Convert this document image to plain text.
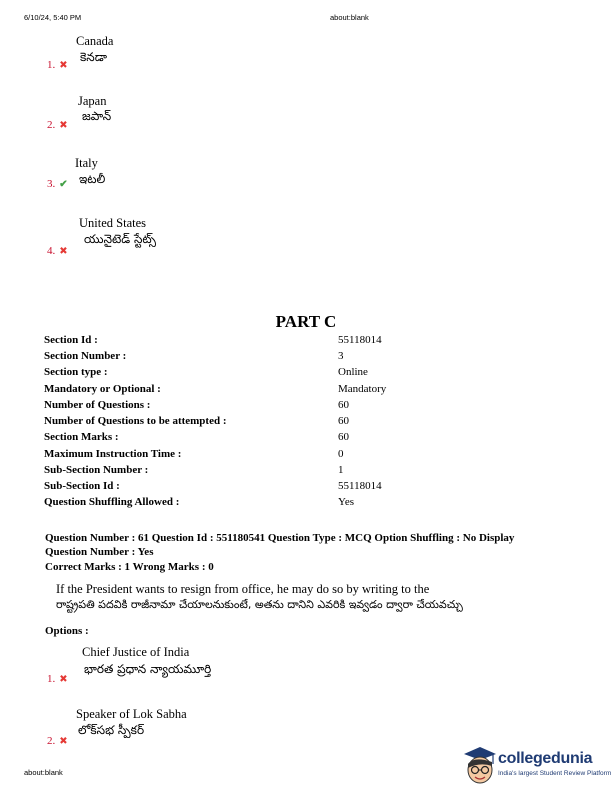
6/10/24, 5:40 PM	about:blank
Canada
కెనడా
1. ✖
Japan
జపాన్
2. ✖
Italy
ఇటలీ
3. ✔
United States
యునైటెడ్ స్టేట్స్
4. ✖
PART C
Section Id :	55118014
Section Number :	3
Section type :	Online
Mandatory or Optional :	Mandatory
Number of Questions :	60
Number of Questions to be attempted :	60
Section Marks :	60
Maximum Instruction Time :	0
Sub-Section Number :	1
Sub-Section Id :	55118014
Question Shuffling Allowed :	Yes
Question Number : 61 Question Id : 551180541 Question Type : MCQ Option Shuffling : No Display
Question Number : Yes
Correct Marks : 1 Wrong Marks : 0
If the President wants to resign from office, he may do so by writing to the
రాష్ట్రపతి పదవికి రాజీనామా చేయాలనుకుంటే, అతను దానిని ఎవరికి ఇవ్వడం ద్వారా చేయవచ్చు
Options :
Chief Justice of India
భారత ప్రధాన న్యాయమూర్తి
1. ✖
Speaker of Lok Sabha
లోక్‌సభ స్పీకర్
2. ✖
about:blank
collegedunia
India's largest Student Review Platform
